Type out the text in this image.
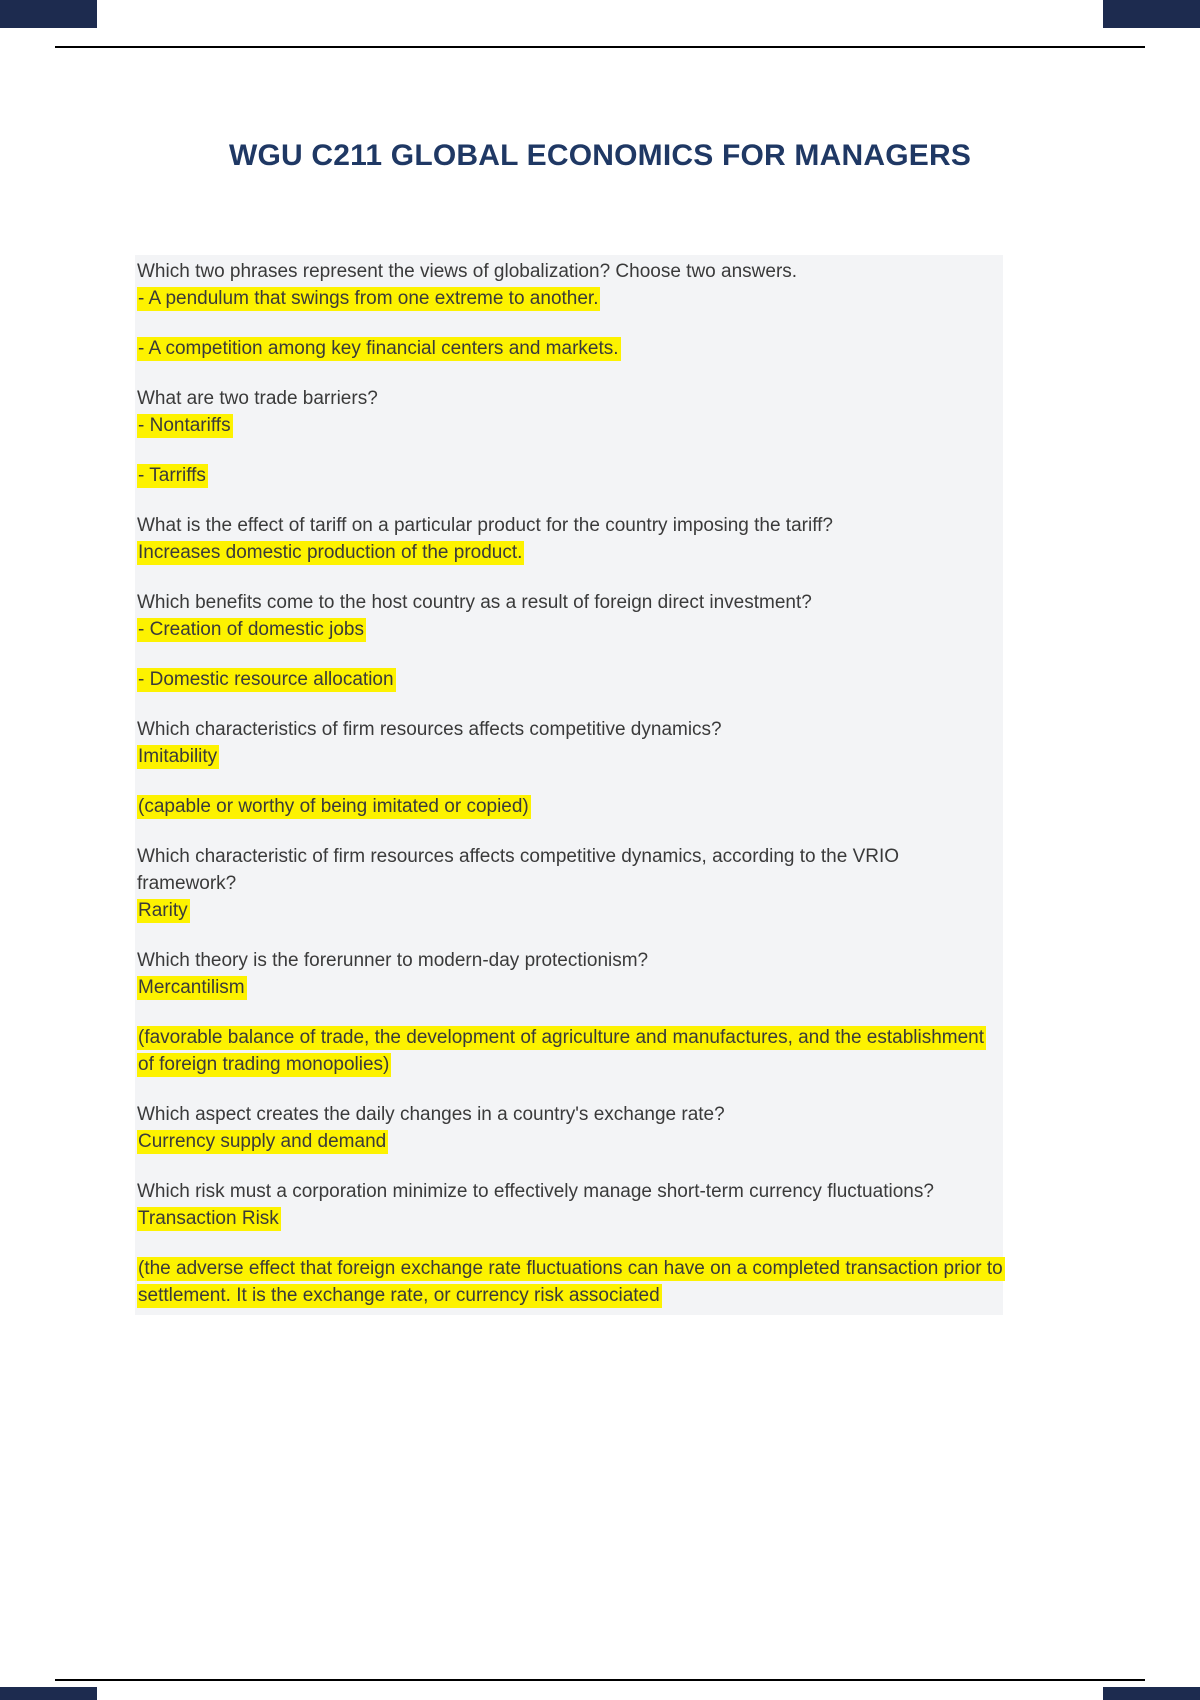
WGU C211 GLOBAL ECONOMICS FOR MANAGERS

Which two phrases represent the views of globalization? Choose two answers.

- A pendulum that swings from one extreme to another.

- A competition among key financial centers and markets.

What are two trade barriers?

- Nontariffs

- Tarriffs

What is the effect of tariff on a particular product for the country imposing the tariff?

Increases domestic production of the product.

Which benefits come to the host country as a result of foreign direct investment?

- Creation of domestic jobs

- Domestic resource allocation

Which characteristics of firm resources affects competitive dynamics?

Imitability

(capable or worthy of being imitated or copied)

Which characteristic of firm resources affects competitive dynamics, according to the VRIO framework?

Rarity

Which theory is the forerunner to modern-day protectionism?

Mercantilism

(favorable balance of trade, the development of agriculture and manufactures, and the establishment of foreign trading monopolies)

Which aspect creates the daily changes in a country's exchange rate?

Currency supply and demand

Which risk must a corporation minimize to effectively manage short-term currency fluctuations?

Transaction Risk

(the adverse effect that foreign exchange rate fluctuations can have on a completed transaction prior to settlement. It is the exchange rate, or currency risk associated
